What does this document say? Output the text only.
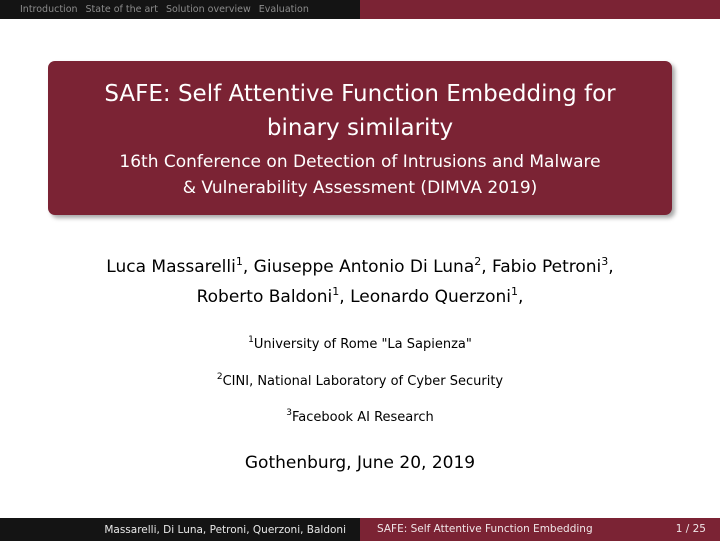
Introduction State of the art Solution overview Evaluation
SAFE: Self Attentive Function Embedding for binary similarity
16th Conference on Detection of Intrusions and Malware & Vulnerability Assessment (DIMVA 2019)
Luca Massarelli$^1$, Giuseppe Antonio Di Luna$^2$, Fabio Petroni$^3$,
Roberto Baldoni$^1$, Leonardo Querzoni$^1$,
$^1$University of Rome "La Sapienza"
$^2$CINI, National Laboratory of Cyber Security
$^3$Facebook AI Research
Gothenburg, June 20, 2019
Massarelli, Di Luna, Petroni, Querzoni, Baldoni	SAFE: Self Attentive Function Embedding	1 / 25
